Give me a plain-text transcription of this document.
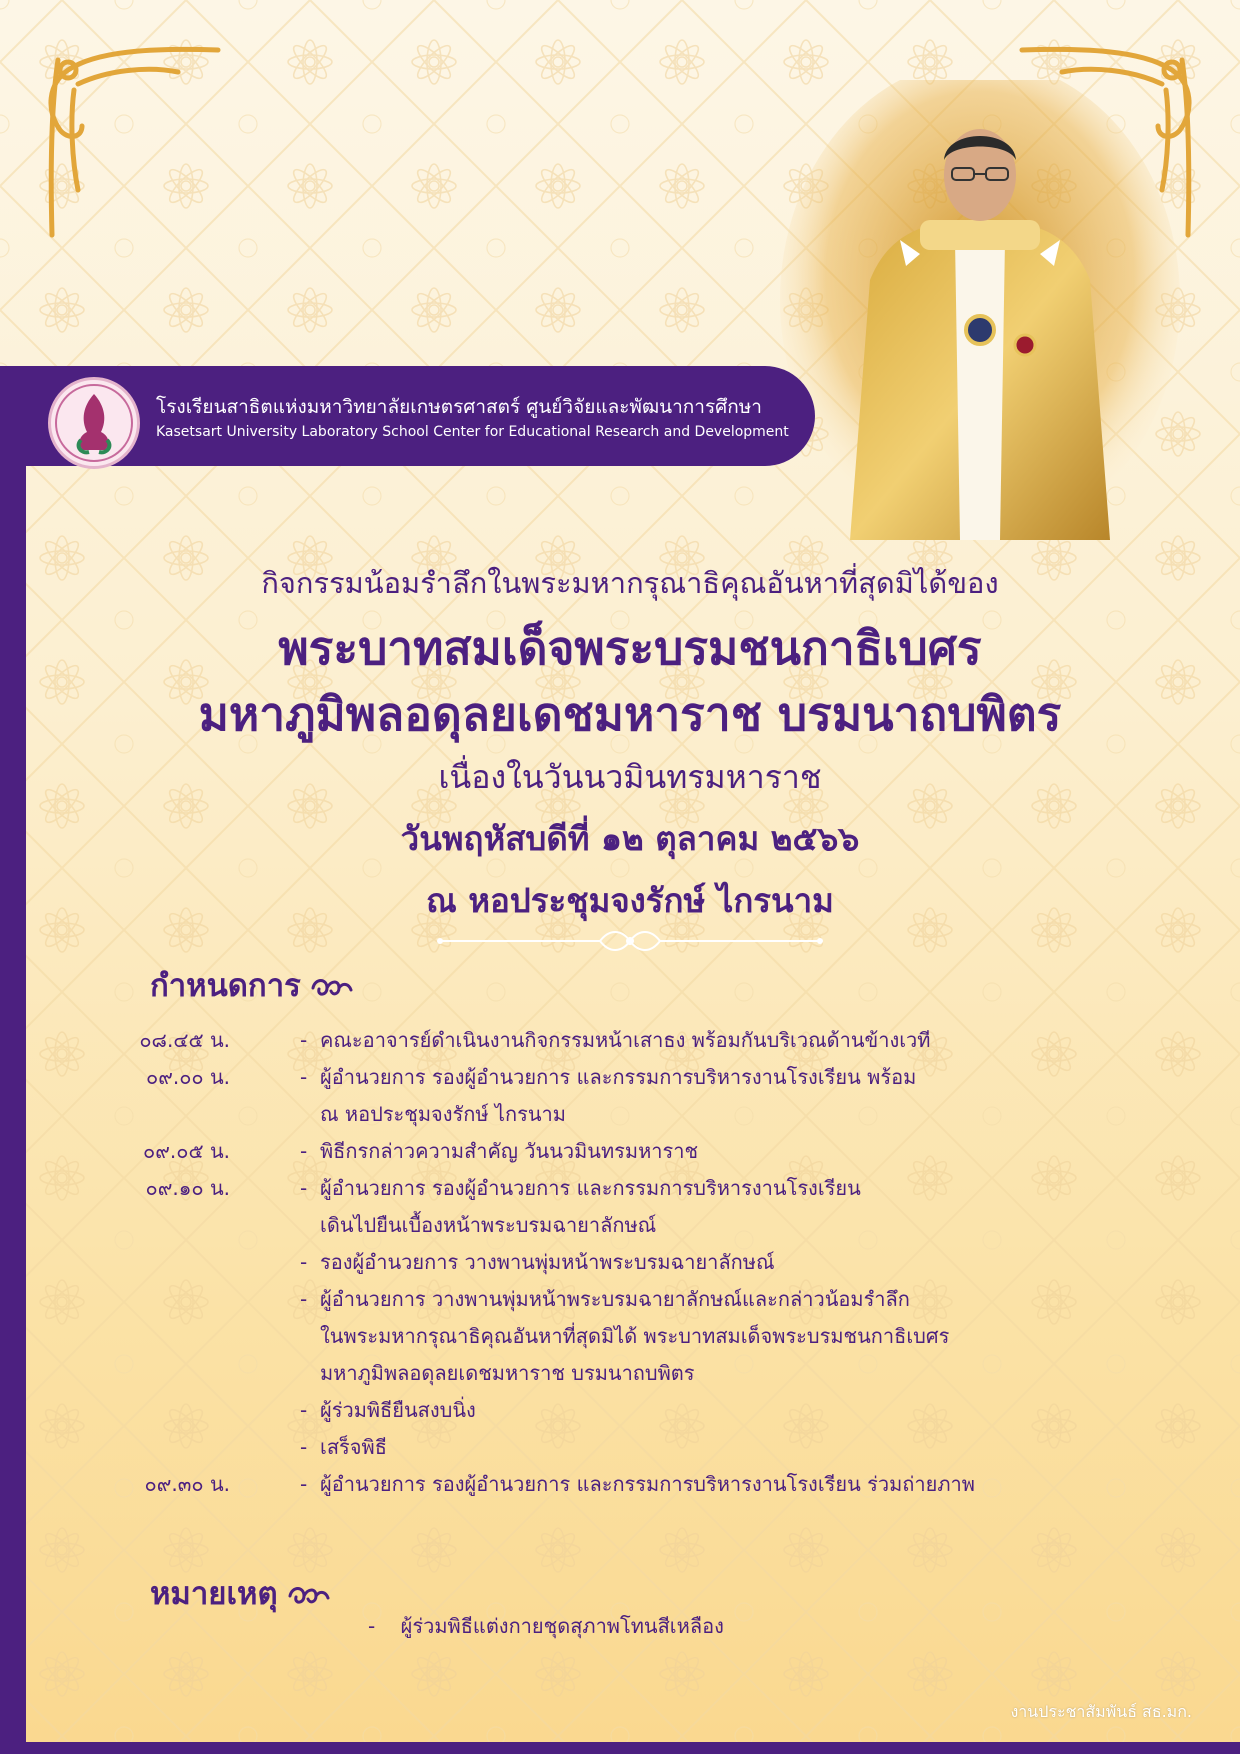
โรงเรียนสาธิตแห่งมหาวิทยาลัยเกษตรศาสตร์ ศูนย์วิจัยและพัฒนาการศึกษา
Kasetsart University Laboratory School Center for Educational Research and Development
กิจกรรมน้อมรำลึกในพระมหากรุณาธิคุณอันหาที่สุดมิได้ของ
พระบาทสมเด็จพระบรมชนกาธิเบศร
มหาภูมิพลอดุลยเดชมหาราช บรมนาถบพิตร
เนื่องในวันนวมินทรมหาราช
วันพฤหัสบดีที่ ๑๒ ตุลาคม ๒๕๖๖
ณ หอประชุมจงรักษ์ ไกรนาม
กำหนดการ
๐๘.๔๕ น.	- คณะอาจารย์ดำเนินงานกิจกรรมหน้าเสาธง พร้อมกันบริเวณด้านข้างเวที
๐๙.๐๐ น.	- ผู้อำนวยการ รองผู้อำนวยการ และกรรมการบริหารงานโรงเรียน พร้อม
ณ หอประชุมจงรักษ์ ไกรนาม
๐๙.๐๕ น.	- พิธีกรกล่าวความสำคัญ วันนวมินทรมหาราช
๐๙.๑๐ น.	- ผู้อำนวยการ รองผู้อำนวยการ และกรรมการบริหารงานโรงเรียน
เดินไปยืนเบื้องหน้าพระบรมฉายาลักษณ์
- รองผู้อำนวยการ วางพานพุ่มหน้าพระบรมฉายาลักษณ์
- ผู้อำนวยการ วางพานพุ่มหน้าพระบรมฉายาลักษณ์และกล่าวน้อมรำลึก
ในพระมหากรุณาธิคุณอันหาที่สุดมิได้ พระบาทสมเด็จพระบรมชนกาธิเบศร
มหาภูมิพลอดุลยเดชมหาราช บรมนาถบพิตร
- ผู้ร่วมพิธียืนสงบนิ่ง
- เสร็จพิธี
๐๙.๓๐ น.	- ผู้อำนวยการ รองผู้อำนวยการ และกรรมการบริหารงานโรงเรียน ร่วมถ่ายภาพ
หมายเหตุ
- ผู้ร่วมพิธีแต่งกายชุดสุภาพโทนสีเหลือง
งานประชาสัมพันธ์ สธ.มก.
